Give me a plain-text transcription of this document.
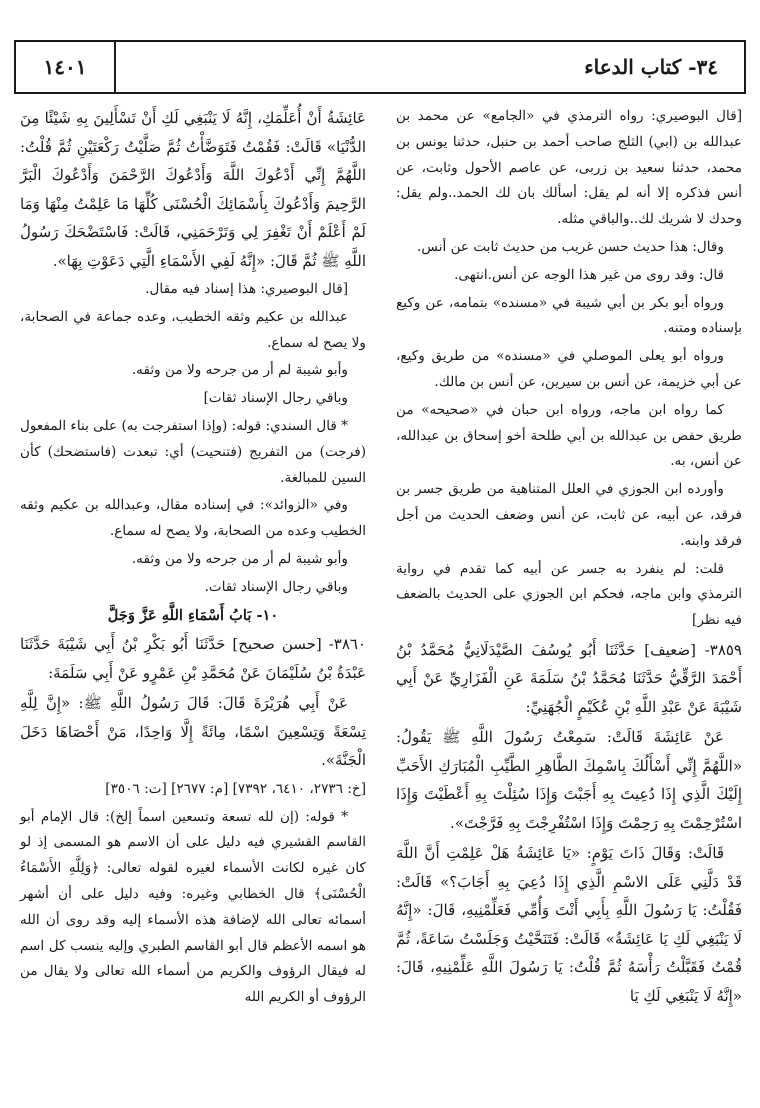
١٤٠١	٣٤- كتاب الدعاء

[قال البوصيري: رواه الترمذي في «الجامع» عن محمد بن عبدالله بن (ابي) الثلج صاحب أحمد بن حنبل، حدثنا يونس بن محمد، حدثنا سعيد بن زربى، عن عاصم الأحول وثابت، عن أنس فذكره إلا أنه لم يقل: أسألك بان لك الحمد..ولم يقل: وحدك لا شريك لك..والباقي مثله.

وقال: هذا حديث حسن غريب من حديث ثابت عن أنس.

قال: وقد روى من غير هذا الوجه عن أنس.انتهى.

ورواه أبو بكر بن أبي شيبة في «مسنده» بتمامه، عن وكيع بإسناده ومتنه.

ورواه أبو يعلى الموصلي في «مسنده» من طريق وكيع، عن أبي خزيمة، عن أنس بن سيرين، عن أنس بن مالك.

كما رواه ابن ماجه، ورواه ابن حبان في «صحيحه» من طريق حفص بن عبدالله بن أبي طلحة أخو إسحاق بن عبدالله، عن أنس، به.

وأورده ابن الجوزي في العلل المتناهية من طريق جسر بن فرقد، عن أبيه، عن ثابت، عن أنس وضعف الحديث من أجل فرقد وابنه.

قلت: لم ينفرد به جسر عن أبيه كما تقدم في رواية الترمذي وابن ماجه، فحكم ابن الجوزي على الحديث بالضعف فيه نظر]

٣٨٥٩- [ضعيف] حَدَّثَنَا أَبُو يُوسُفَ الصَّيْدَلَانِيُّ مُحَمَّدُ بْنُ أَحْمَدَ الرَّقِّيُّ حَدَّثَنَا مُحَمَّدُ بْنُ سَلَمَةَ عَنِ الْفَزَارِيِّ عَنْ أَبِي شَيْبَةَ عَنْ عَبْدِ اللَّهِ بْنِ عُكَيْمٍ الْجُهَنِيِّ:

عَنْ عَائِشَةَ قَالَتْ: سَمِعْتُ رَسُولَ اللَّهِ ﷺ يَقُولُ: «اللَّهُمَّ إِنِّي أَسْأَلُكَ بِاسْمِكَ الطَّاهِرِ الطَّيِّبِ الْمُبَارَكِ الأَحَبِّ إِلَيْكَ الَّذِي إِذَا دُعِيتَ بِهِ أَجَبْتَ وَإِذَا سُئِلْتَ بِهِ أَعْطَيْتَ وَإِذَا اسْتُرْحِمْتَ بِهِ رَحِمْتَ وَإِذَا اسْتُفْرِجْتَ بِهِ فَرَّجْتَ».

قَالَتْ: وَقَالَ ذَاتَ يَوْمٍ: «يَا عَائِشَةُ هَلْ عَلِمْتِ أَنَّ اللَّهَ قَدْ دَلَّنِي عَلَى الاسْمِ الَّذِي إِذَا دُعِيَ بِهِ أَجَابَ؟» قَالَتْ: فَقُلْتُ: يَا رَسُولَ اللَّهِ بِأَبِي أَنْتَ وَأُمِّي فَعَلِّمْنِيهِ، قَالَ: «إِنَّهُ لَا يَنْبَغِي لَكِ يَا عَائِشَةُ» قَالَتْ: فَتَنَحَّيْتُ وَجَلَسْتُ سَاعَةً، ثُمَّ قُمْتُ فَقَبَّلْتُ رَأْسَهُ ثُمَّ قُلْتُ: يَا رَسُولَ اللَّهِ عَلِّمْنِيهِ، قَالَ: «إِنَّهُ لَا يَنْبَغِي لَكِ يَا

عَائِشَةُ أَنْ أُعَلِّمَكِ، إِنَّهُ لَا يَنْبَغِي لَكِ أَنْ تَسْأَلِينَ بِهِ شَيْئًا مِنَ الدُّنْيَا» قَالَتْ: فَقُمْتُ فَتَوَضَّأْتُ ثُمَّ صَلَّيْتُ رَكْعَتَيْنِ ثُمَّ قُلْتُ: اللَّهُمَّ إِنِّي أَدْعُوكَ اللَّهَ وَأَدْعُوكَ الرَّحْمَنَ وَأَدْعُوكَ الْبَرَّ الرَّحِيمَ وَأَدْعُوكَ بِأَسْمَائِكَ الْحُسْنَى كُلِّهَا مَا عَلِمْتُ مِنْهَا وَمَا لَمْ أَعْلَمْ أَنْ تَغْفِرَ لِي وَتَرْحَمَنِي، قَالَتْ: فَاسْتَضْحَكَ رَسُولُ اللَّهِ ﷺ ثُمَّ قَالَ: «إِنَّهُ لَفِي الأَسْمَاءِ الَّتِي دَعَوْتِ بِهَا».

[قال البوصيري: هذا إسناد فيه مقال.

عبدالله بن عكيم وثقه الخطيب، وعده جماعة في الصحابة، ولا يصح له سماع.

وأبو شيبة لم أر من جرحه ولا من وثقه.

وباقي رجال الإسناد ثقات]

* قال السندي: قوله: (وإذا استفرجت به) على بناء المفعول (فرجت) من التفريج (فتنحيت) أي: تبعدت (فاستضحك) كأن السين للمبالغة.

وفي «الزوائد»: في إسناده مقال، وعبدالله بن عكيم وثقه الخطيب وعده من الصحابة، ولا يصح له سماع.

وأبو شيبة لم أر من جرحه ولا من وثقه.

وباقي رجال الإسناد ثقات.

١٠- بَابُ أَسْمَاءِ اللَّهِ عَزَّ وَجَلَّ

٣٨٦٠- [حسن صحيح] حَدَّثَنَا أَبُو بَكْرِ بْنُ أَبِي شَيْبَةَ حَدَّثَنَا عَبْدَةُ بْنُ سُلَيْمَانَ عَنْ مُحَمَّدِ بْنِ عَمْرٍو عَنْ أَبِي سَلَمَةَ:

عَنْ أَبِي هُرَيْرَةَ قَالَ: قَالَ رَسُولُ اللَّهِ ﷺ: «إِنَّ لِلَّهِ تِسْعَةً وَتِسْعِينَ اسْمًا، مِائَةً إِلَّا وَاحِدًا، مَنْ أَحْصَاهَا دَخَلَ الْجَنَّةَ».

[خ: ٢٧٣٦، ٦٤١٠، ٧٣٩٢] [م: ٢٦٧٧] [ت: ٣٥٠٦]

* قوله: (إن لله تسعة وتسعين اسماً إلخ): قال الإمام أبو القاسم القشيري فيه دليل على أن الاسم هو المسمى إذ لو كان غيره لكانت الأسماء لغيره لقوله تعالى: ﴿وَلِلَّهِ الأَسْمَاءُ الْحُسْنَى﴾ قال الخطابي وغيره: وفيه دليل على أن أشهر أسمائه تعالى الله لإضافة هذه الأسماء إليه وقد روى أن الله هو اسمه الأعظم قال أبو القاسم الطبري وإليه ينسب كل اسم له فيقال الرؤوف والكريم من أسماء الله تعالى ولا يقال من الرؤوف أو الكريم الله
